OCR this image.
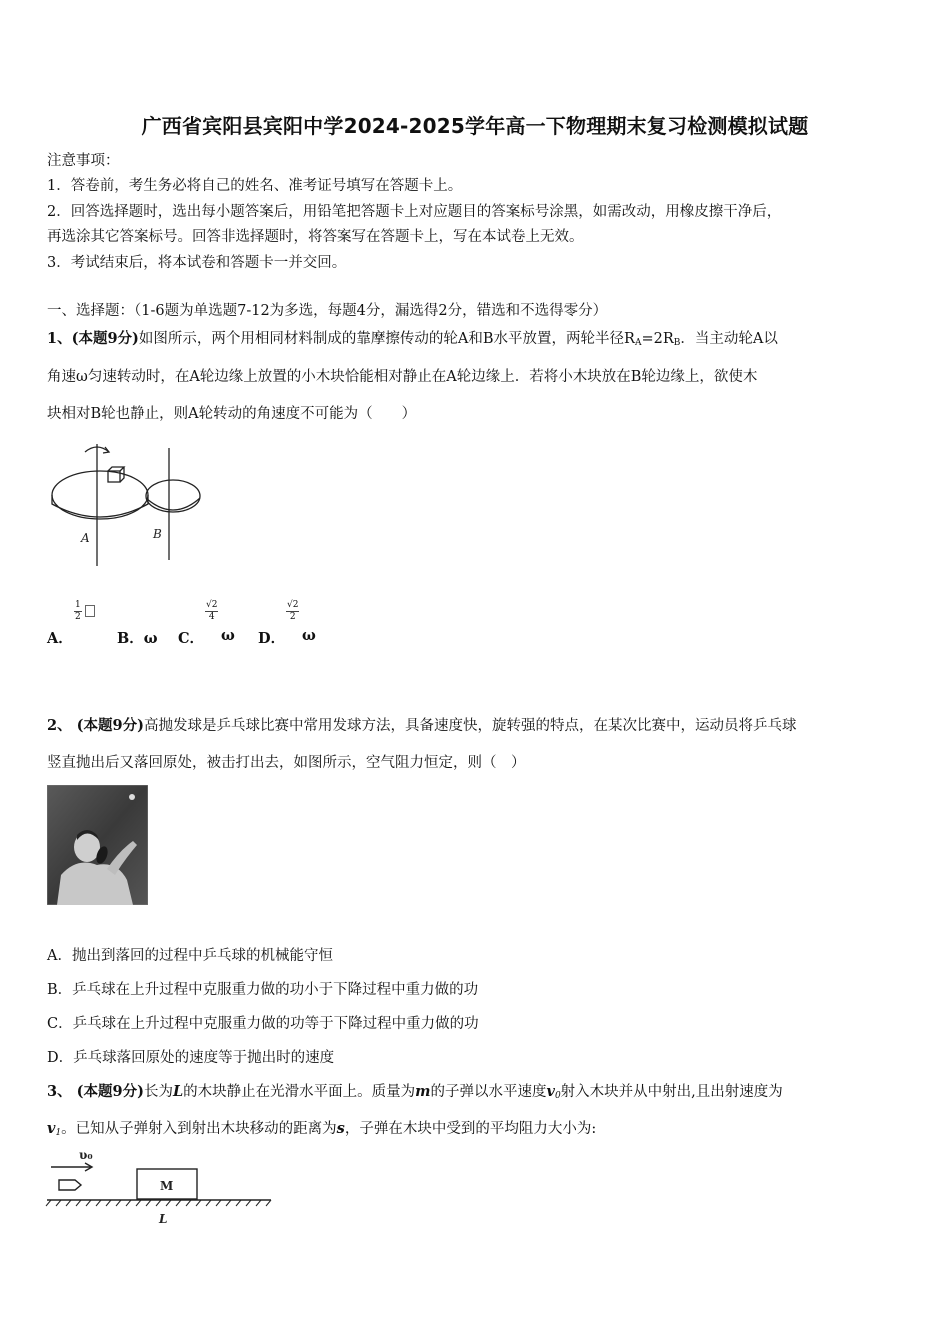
广西省宾阳县宾阳中学2024-2025学年高一下物理期末复习检测模拟试题
注意事项：
1．答卷前，考生务必将自己的姓名、准考证号填写在答题卡上。
2．回答选择题时，选出每小题答案后，用铅笔把答题卡上对应题目的答案标号涂黑，如需改动，用橡皮擦干净后，
再选涂其它答案标号。回答非选择题时，将答案写在答题卡上，写在本试卷上无效。
3．考试结束后，将本试卷和答题卡一并交回。
一、选择题：（1-6题为单选题7-12为多选，每题4分，漏选得2分，错选和不选得零分）
1、(本题9分)如图所示，两个用相同材料制成的靠摩擦传动的轮A和B水平放置，两轮半径$R_A=2R_B$．当主动轮A以
角速ω匀速转动时，在A轮边缘上放置的小木块恰能相对静止在A轮边缘上．若将小木块放在B轮边缘上，欲使木
块相对B轮也静止，则A轮转动的角速度不可能为（　　）
A	B
A．
$\frac{1}{2}$
B．ω C．
$\frac{√2}{4}$
ω D．
$\frac{√2}{2}$
ω
2、 (本题9分)高抛发球是乒乓球比赛中常用发球方法，具备速度快，旋转强的特点，在某次比赛中，运动员将乒乓球
竖直抛出后又落回原处，被击打出去，如图所示，空气阻力恒定，则（　）
A．抛出到落回的过程中乒乓球的机械能守恒
B．乒乓球在上升过程中克服重力做的功小于下降过程中重力做的功
C．乒乓球在上升过程中克服重力做的功等于下降过程中重力做的功
D．乒乓球落回原处的速度等于抛出时的速度
3、 (本题9分)长为L的木块静止在光滑水平面上。质量为m的子弹以水平速度$v_0$射入木块并从中射出,且出射速度为
$v_1$。已知从子弹射入到射出木块移动的距离为s，子弹在木块中受到的平均阻力大小为:
υ₀
M
L
